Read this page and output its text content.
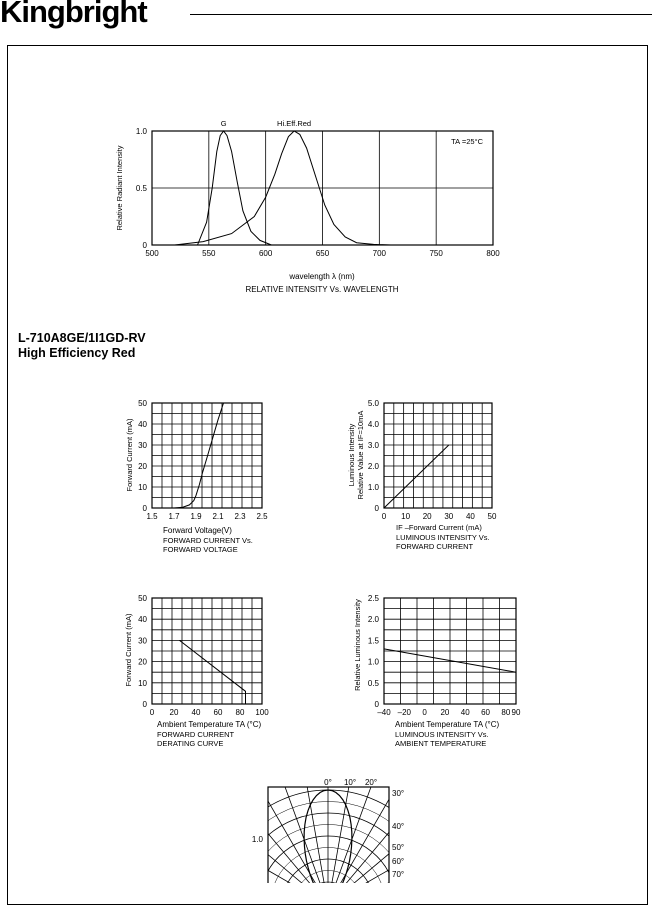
Kingbright
L-710A8GE/1I1GD-RV
High Efficiency Red
500	550	600	650	700	750	800
0
0.5
1.0
G	Hi.Eff.Red
TA =25°C
wavelength λ (nm)
RELATIVE INTENSITY Vs. WAVELENGTH
Relative Radiant Intensity
1.5 1.7 1.9 2.1 2.3 2.5
0
10
20
30
40
50
Forward Voltage(V)
FORWARD CURRENT Vs.
FORWARD VOLTAGE
Forward Current (mA)
0 10 20 30 40 50
0
1.0
2.0
3.0
4.0
5.0
IF –Forward Current (mA)
LUMINOUS INTENSITY Vs.
FORWARD CURRENT
Luminous Intensity Relative Value at IF=10mA
0 20 40 60 80 100
0
10
20
30
40
50
Ambient Temperature TA (°C)
FORWARD CURRENT
DERATING CURVE
Forward Current (mA)
–40 –20 0 20 40 60 80 90
0
0.5
1.0
1.5
2.0
2.5
Ambient Temperature TA (°C)
LUMINOUS INTENSITY Vs.
AMBIENT TEMPERATURE
Relative Luminous Intensity
0° 10° 20°
30°
40°
50°
60°
70°
1.0
